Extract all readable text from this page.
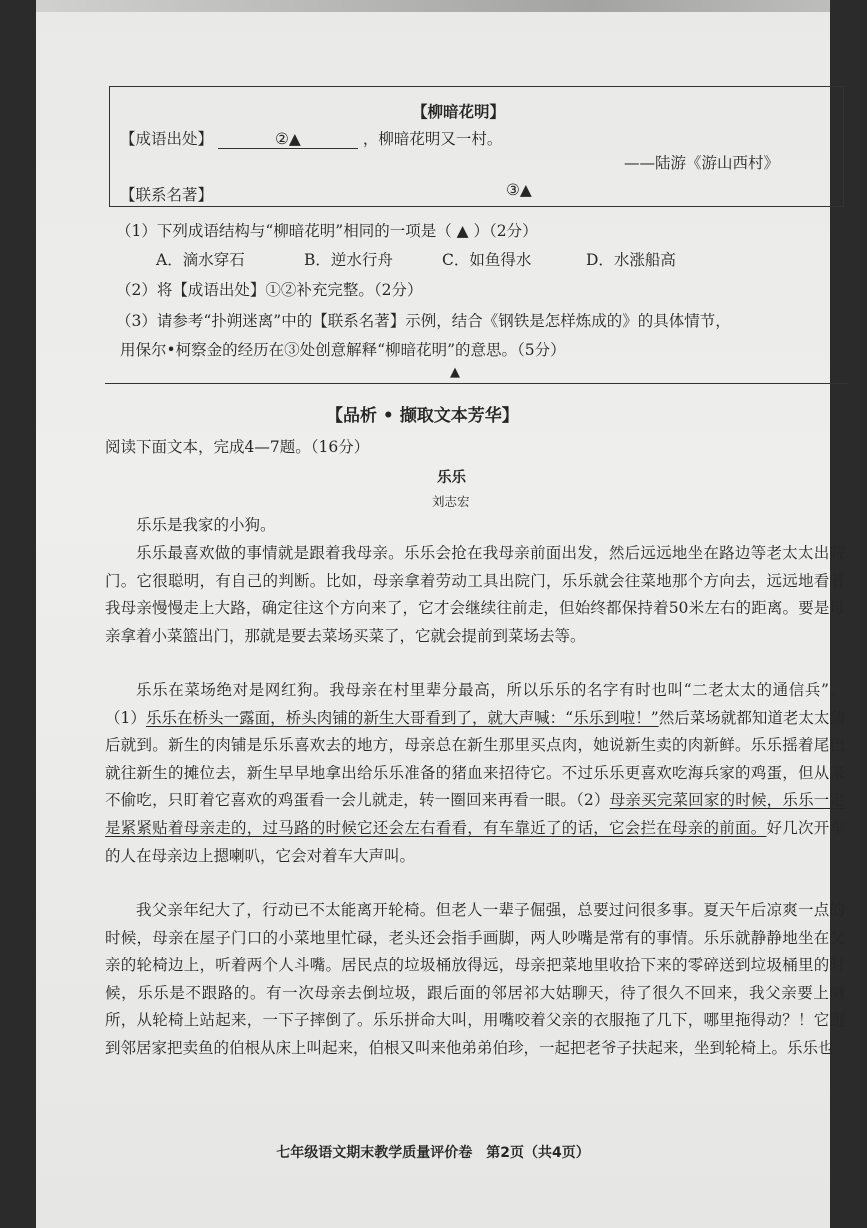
【柳暗花明】
【成语出处】	②▲	，柳暗花明又一村。
——陆游《游山西村》
【联系名著】	③▲
（1）下列成语结构与“柳暗花明”相同的一项是（ ▲ ）（2分）
A．滴水穿石	B．逆水行舟	C．如鱼得水	D．水涨船高
（2）将【成语出处】①②补充完整。（2分）
（3）请参考“扑朔迷离”中的【联系名著】示例，结合《钢铁是怎样炼成的》的具体情节，
用保尔•柯察金的经历在③处创意解释“柳暗花明”的意思。（5分）
▲
【品析 • 撷取文本芳华】
阅读下面文本，完成4—7题。（16分）
乐乐
刘志宏
乐乐是我家的小狗。
乐乐最喜欢做的事情就是跟着我母亲。乐乐会抢在我母亲前面出发，然后远远地坐在路边等老太太出院门。它很聪明，有自己的判断。比如，母亲拿着劳动工具出院门，乐乐就会往菜地那个方向去，远远地看着我母亲慢慢走上大路，确定往这个方向来了，它才会继续往前走，但始终都保持着50米左右的距离。要是母亲拿着小菜篮出门，那就是要去菜场买菜了，它就会提前到菜场去等。
乐乐在菜场绝对是网红狗。我母亲在村里辈分最高，所以乐乐的名字有时也叫“二老太太的通信兵”。（1）乐乐在桥头一露面，桥头肉铺的新生大哥看到了，就大声喊：“乐乐到啦！”然后菜场就都知道老太太随后就到。新生的肉铺是乐乐喜欢去的地方，母亲总在新生那里买点肉，她说新生卖的肉新鲜。乐乐摇着尾巴就往新生的摊位去，新生早早地拿出给乐乐准备的猪血来招待它。不过乐乐更喜欢吃海兵家的鸡蛋，但从来不偷吃，只盯着它喜欢的鸡蛋看一会儿就走，转一圈回来再看一眼。（2）母亲买完菜回家的时候，乐乐一定是紧紧贴着母亲走的，过马路的时候它还会左右看看，有车靠近了的话，它会拦在母亲的前面。好几次开车的人在母亲边上摁喇叭，它会对着车大声叫。
我父亲年纪大了，行动已不太能离开轮椅。但老人一辈子倔强，总要过问很多事。夏天午后凉爽一点的时候，母亲在屋子门口的小菜地里忙碌，老头还会指手画脚，两人吵嘴是常有的事情。乐乐就静静地坐在父亲的轮椅边上，听着两个人斗嘴。居民点的垃圾桶放得远，母亲把菜地里收拾下来的零碎送到垃圾桶里的时候，乐乐是不跟路的。有一次母亲去倒垃圾，跟后面的邻居祁大姑聊天，待了很久不回来，我父亲要上厕所，从轮椅上站起来，一下子摔倒了。乐乐拼命大叫，用嘴咬着父亲的衣服拖了几下，哪里拖得动？！它跑到邻居家把卖鱼的伯根从床上叫起来，伯根又叫来他弟弟伯珍，一起把老爷子扶起来，坐到轮椅上。乐乐也
七年级语文期末教学质量评价卷　第2页（共4页）
